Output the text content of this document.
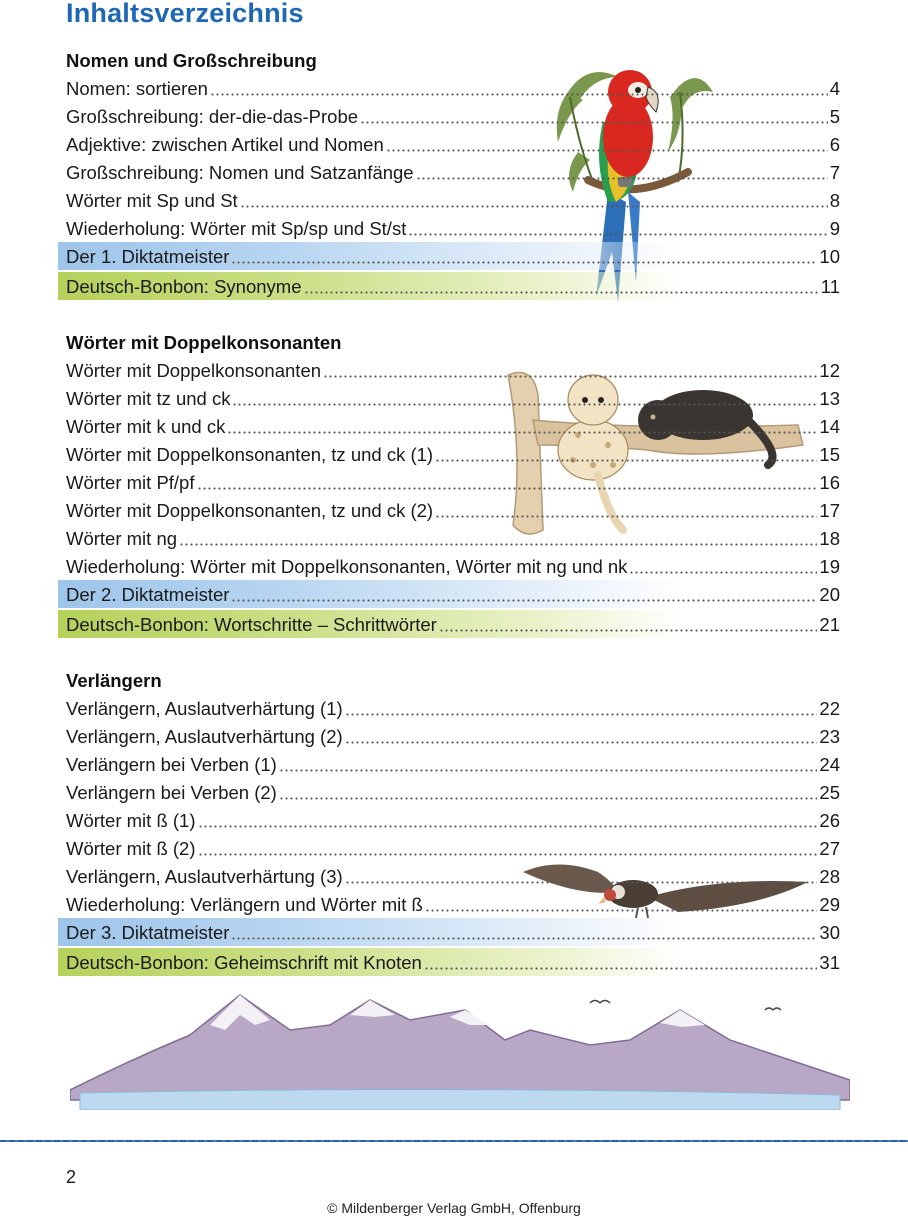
Inhaltsverzeichnis
Nomen und Großschreibung
Wörter mit Doppelkonsonanten
Verlängern
Nomen: sortieren	4
Großschreibung: der-die-das-Probe	5
Adjektive: zwischen Artikel und Nomen	6
Großschreibung: Nomen und Satzanfänge	7
Wörter mit Sp und St	8
Wiederholung: Wörter mit Sp/sp und St/st	9
Der 1. Diktatmeister	10
Deutsch-Bonbon: Synonyme	11
Wörter mit Doppelkonsonanten	12
Wörter mit tz und ck	13
Wörter mit k und ck	14
Wörter mit Doppelkonsonanten, tz und ck (1)	15
Wörter mit Pf/pf	16
Wörter mit Doppelkonsonanten, tz und ck (2)	17
Wörter mit ng	18
Wiederholung: Wörter mit Doppelkonsonanten, Wörter mit ng und nk	19
Der 2. Diktatmeister	20
Deutsch-Bonbon: Wortschritte – Schrittwörter	21
Verlängern, Auslautverhärtung (1)	22
Verlängern, Auslautverhärtung (2)	23
Verlängern bei Verben (1)	24
Verlängern bei Verben (2)	25
Wörter mit ß (1)	26
Wörter mit ß (2)	27
Verlängern, Auslautverhärtung (3)	28
Wiederholung: Verlängern und Wörter mit ß	29
Der 3. Diktatmeister	30
Deutsch-Bonbon: Geheimschrift mit Knoten	31

2

© Mildenberger Verlag GmbH, Offenburg
